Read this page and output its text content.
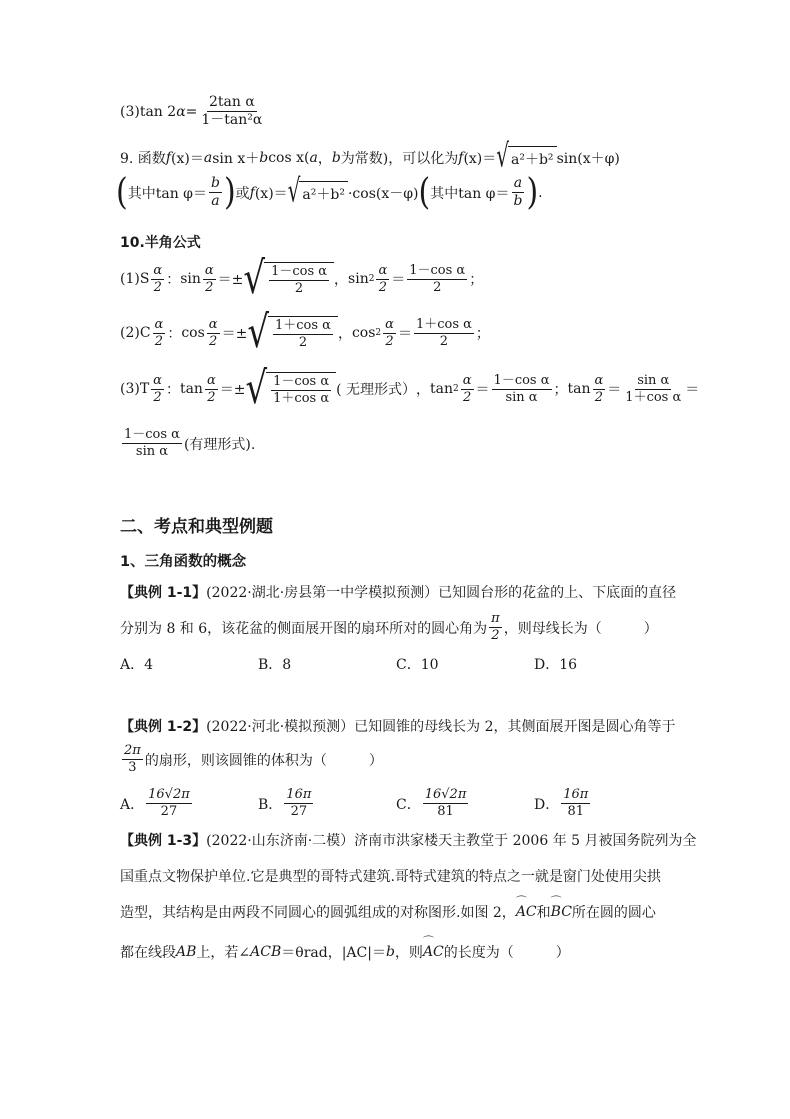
(3)tan 2 $\alpha = \frac{\text{2tan α}}{\text{1－tan²α}}$
9. 函数 f (x)＝ a sin x＋ b cos x( a ， b 为常数)，可以化为 f (x)＝ √ a²＋b² sin(x＋φ)
( 其中$\tan \varphi= \frac{b}{a}$ ) 或 f (x)＝ √ a²＋b² ·cos(x－φ) ( 其中$\tan \varphi= \frac{a}{b}$ ) .
10.半角公式
$(1)S \frac{\alpha}{2}$ ： $\sin \frac{\alpha}{2}$ ＝± √ $\frac{\text{1－cos α}}{2}$ ， $\sin 2 \frac{\alpha}{2} = \frac{\text{1－cos α}}{2}$ ；
$(2)C \frac{\alpha}{2}$ ： $\cos \frac{\alpha}{2}$ ＝± √ $\frac{\text{1＋cos α}}{2}$ ， $\cos 2 \frac{\alpha}{2} = \frac{\text{1＋cos α}}{2}$ ；
$(3)T \frac{\alpha}{2}$ ： $\tan \frac{\alpha}{2}$ ＝± √ $\frac{\text{1－cos α}}{\text{1＋cos α}}$ ( 无理形式） ， $\tan 2 \frac{\alpha}{2} = \frac{\text{1－cos α}}{\text{sin α}}$ ； $\tan \frac{\alpha}{2} = \frac{\text{sin α}}{\text{1＋cos α}}$ ＝
$\frac{\text{1－cos α}}{\text{sin α}}$ (有理形式).
二、考点和典型例题
1、三角函数的概念
【典例 1-1】 (2022·湖北·房县第一中学模拟预测）已知圆台形的花盆的上、下底面的直径
分别为 8 和 6，该花盆的侧面展开图的扇环所对的圆心角为 $\frac{\pi}{2}$ ，则母线长为（　　　）
A．4	B．8	C．10	D．16
【典例 1-2】 (2022·河北·模拟预测）已知圆锥的母线长为 2，其侧面展开图是圆心角等于
$\frac{2\pi}{3}$ 的扇形，则该圆锥的体积为（　　　）
A． $\frac{16√2\pi}{27}$	B． $\frac{16\pi}{27}$	C． $\frac{16√2\pi}{81}$	D． $\frac{16\pi}{81}$
【典例 1-3】 (2022·山东济南·二模）济南市洪家楼天主教堂于 2006 年 5 月被国务院列为全
国重点文物保护单位.它是典型的哥特式建筑.哥特式建筑的特点之一就是窗门处使用尖拱
造型，其结构是由两段不同圆心的圆弧组成的对称图形.如图 2， ⌒ AC 和 ⌒ BC 所在圆的圆心
都在线段 AB 上，若∠ ACB ＝θrad， |AC|＝ b ，则 ⌒ AC 的长度为（　　　）
